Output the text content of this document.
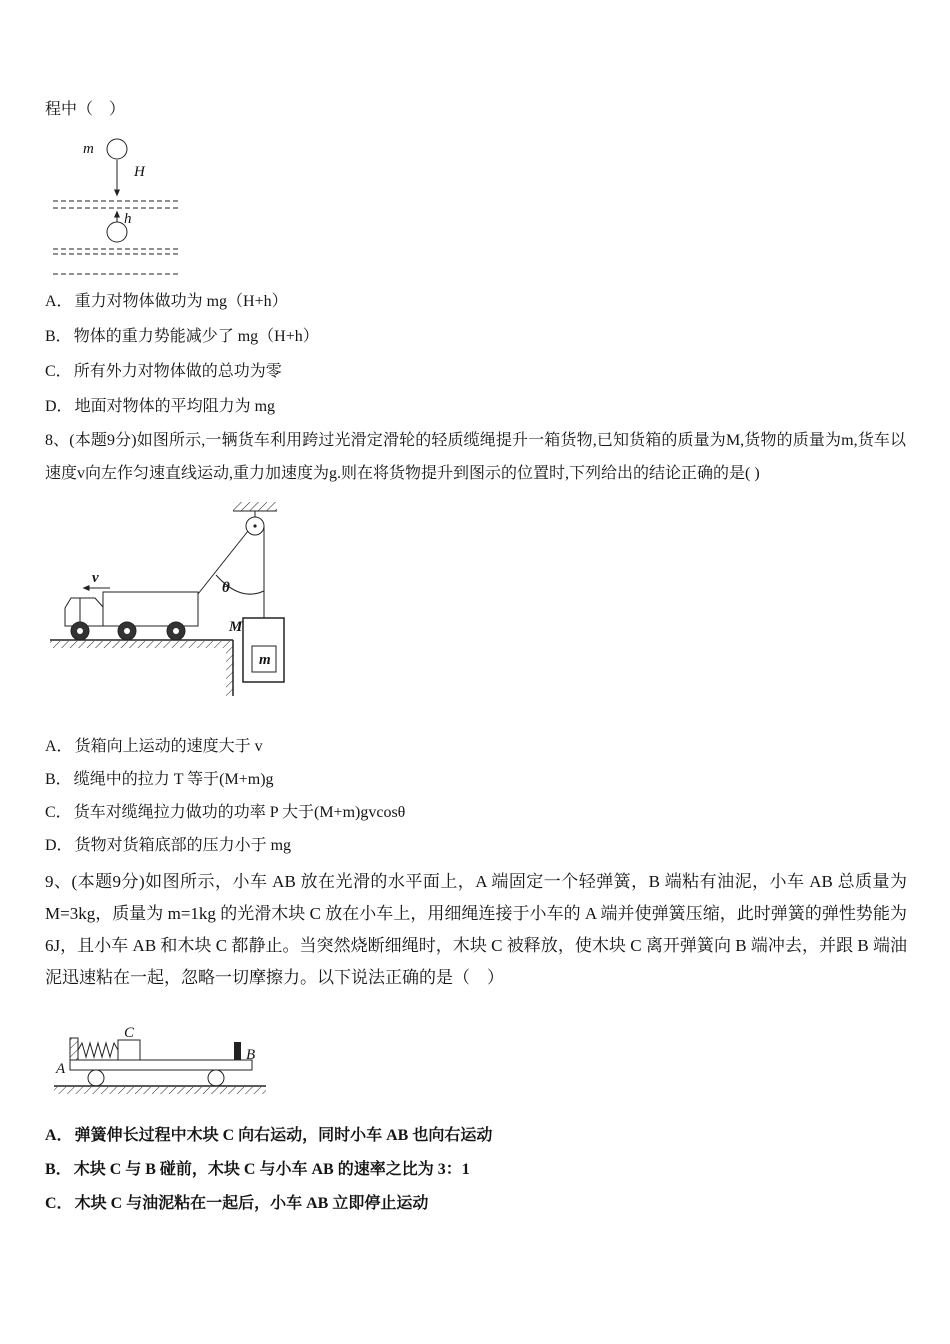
程中（　）
m
H
h
A． 重力对物体做功为 mg（H+h）
B． 物体的重力势能减少了 mg（H+h）
C． 所有外力对物体做的总功为零
D． 地面对物体的平均阻力为 mg
8、(本题9分)如图所示,一辆货车利用跨过光滑定滑轮的轻质缆绳提升一箱货物,已知货箱的质量为M,货物的质量为m,货车以速度v向左作匀速直线运动,重力加速度为g.则在将货物提升到图示的位置时,下列给出的结论正确的是( )
θ
v
M
m
A． 货箱向上运动的速度大于 v
B． 缆绳中的拉力 T 等于(M+m)g
C． 货车对缆绳拉力做功的功率 P 大于(M+m)gvcosθ
D． 货物对货箱底部的压力小于 mg
9、(本题9分)如图所示，小车 AB 放在光滑的水平面上，A 端固定一个轻弹簧，B 端粘有油泥，小车 AB 总质量为 M=3kg，质量为 m=1kg 的光滑木块 C 放在小车上，用细绳连接于小车的 A 端并使弹簧压缩，此时弹簧的弹性势能为 6J，且小车 AB 和木块 C 都静止。当突然烧断细绳时，木块 C 被释放，使木块 C 离开弹簧向 B 端冲去，并跟 B 端油泥迅速粘在一起，忽略一切摩擦力。以下说法正确的是（　）
A
C
B
A． 弹簧伸长过程中木块 C 向右运动，同时小车 AB 也向右运动
B． 木块 C 与 B 碰前，木块 C 与小车 AB 的速率之比为 3：1
C． 木块 C 与油泥粘在一起后，小车 AB 立即停止运动
